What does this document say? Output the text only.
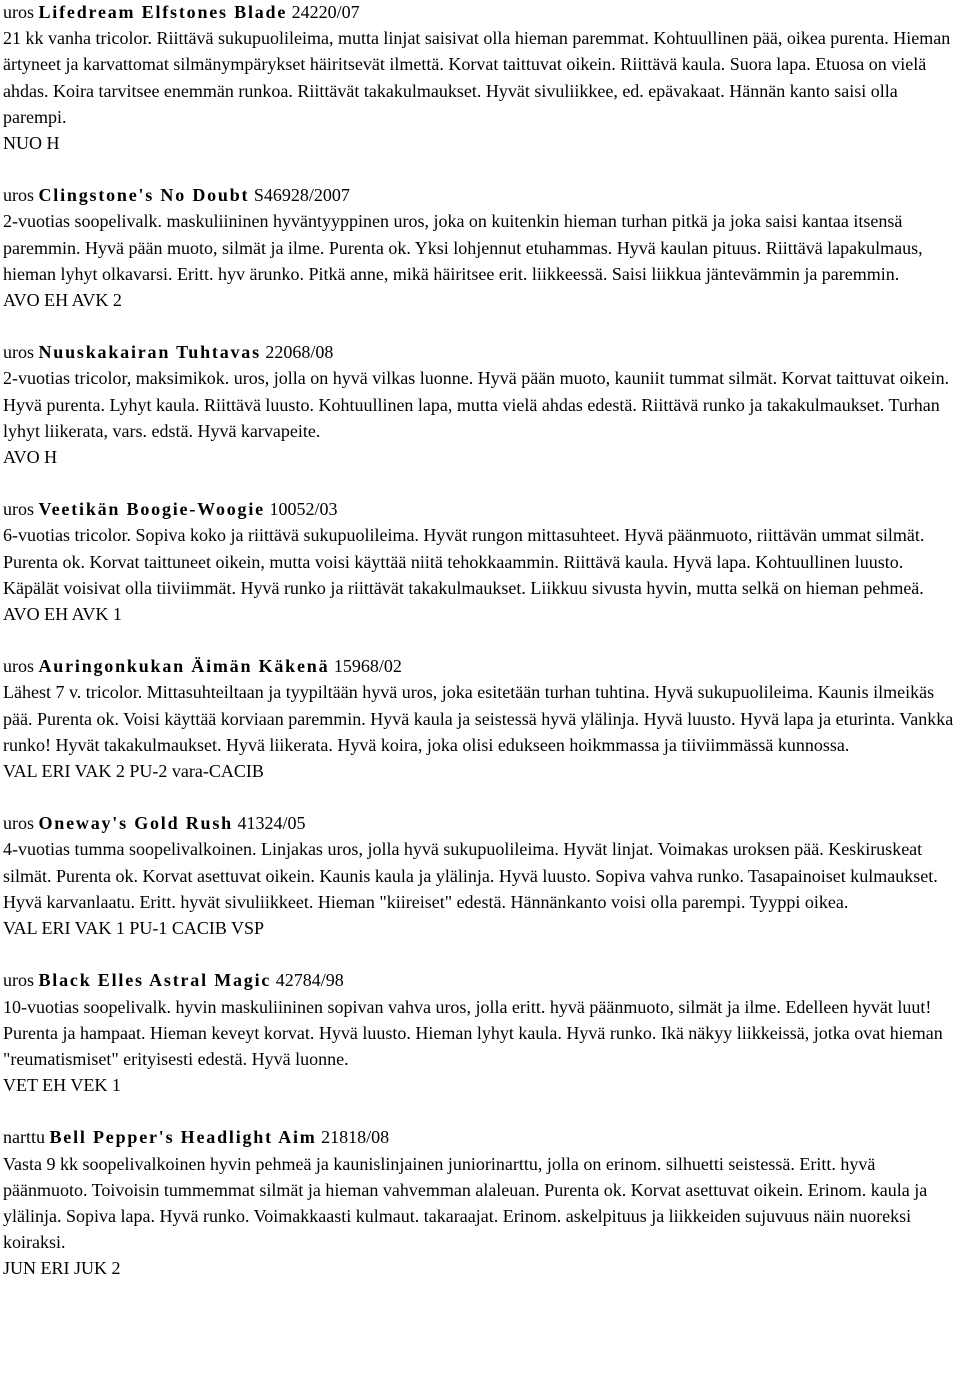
uros Lifedream Elfstones Blade 24220/07

21 kk vanha tricolor. Riittävä sukupuolileima, mutta linjat saisivat olla hieman paremmat. Kohtuullinen pää, oikea purenta. Hieman ärtyneet ja karvattomat silmänympärykset häiritsevät ilmettä. Korvat taittuvat oikein. Riittävä kaula. Suora lapa. Etuosa on vielä ahdas. Koira tarvitsee enemmän runkoa. Riittävät takakulmaukset. Hyvät sivuliikkee, ed. epävakaat. Hännän kanto saisi olla parempi.

NUO H

uros Clingstone's No Doubt S46928/2007

2-vuotias soopelivalk. maskuliininen hyväntyyppinen uros, joka on kuitenkin hieman turhan pitkä ja joka saisi kantaa itsensä paremmin. Hyvä pään muoto, silmät ja ilme. Purenta ok. Yksi lohjennut etuhammas. Hyvä kaulan pituus. Riittävä lapakulmaus, hieman lyhyt olkavarsi. Eritt. hyv ärunko. Pitkä anne, mikä häiritsee erit. liikkeessä. Saisi liikkua jäntevämmin ja paremmin.

AVO EH AVK 2

uros Nuuskakairan Tuhtavas 22068/08

2-vuotias tricolor, maksimikok. uros, jolla on hyvä vilkas luonne. Hyvä pään muoto, kauniit tummat silmät. Korvat taittuvat oikein. Hyvä purenta. Lyhyt kaula. Riittävä luusto. Kohtuullinen lapa, mutta vielä ahdas edestä. Riittävä runko ja takakulmaukset. Turhan lyhyt liikerata, vars. edstä. Hyvä karvapeite.

AVO H

uros Veetikän Boogie-Woogie 10052/03

6-vuotias tricolor. Sopiva koko ja riittävä sukupuolileima. Hyvät rungon mittasuhteet. Hyvä päänmuoto, riittävän ummat silmät. Purenta ok. Korvat taittuneet oikein, mutta voisi käyttää niitä tehokkaammin. Riittävä kaula. Hyvä lapa. Kohtuullinen luusto. Käpälät voisivat olla tiiviimmät. Hyvä runko ja riittävät takakulmaukset. Liikkuu sivusta hyvin, mutta selkä on hieman pehmeä.

AVO EH AVK 1

uros Auringonkukan Äimän Käkenä 15968/02

Lähest 7 v. tricolor. Mittasuhteiltaan ja tyypiltään hyvä uros, joka esitetään turhan tuhtina. Hyvä sukupuolileima. Kaunis ilmeikäs pää. Purenta ok. Voisi käyttää korviaan paremmin. Hyvä kaula ja seistessä hyvä ylälinja. Hyvä luusto. Hyvä lapa ja eturinta. Vankka runko! Hyvät takakulmaukset. Hyvä liikerata. Hyvä koira, joka olisi edukseen hoikmmassa ja tiiviimmässä kunnossa.

VAL ERI VAK 2 PU-2 vara-CACIB

uros Oneway's Gold Rush 41324/05

4-vuotias tumma soopelivalkoinen. Linjakas uros, jolla hyvä sukupuolileima. Hyvät linjat. Voimakas uroksen pää. Keskiruskeat silmät. Purenta ok. Korvat asettuvat oikein. Kaunis kaula ja ylälinja. Hyvä luusto. Sopiva vahva runko. Tasapainoiset kulmaukset. Hyvä karvanlaatu. Eritt. hyvät sivuliikkeet. Hieman "kiireiset" edestä. Hännänkanto voisi olla parempi. Tyyppi oikea.

VAL ERI VAK 1 PU-1 CACIB VSP

uros Black Elles Astral Magic 42784/98

10-vuotias soopelivalk. hyvin maskuliininen sopivan vahva uros, jolla eritt. hyvä päänmuoto, silmät ja ilme. Edelleen hyvät luut! Purenta ja hampaat. Hieman keveyt korvat. Hyvä luusto. Hieman lyhyt kaula. Hyvä runko. Ikä näkyy liikkeissä, jotka ovat hieman "reumatismiset" erityisesti edestä. Hyvä luonne.

VET EH VEK 1

narttu Bell Pepper's Headlight Aim 21818/08

Vasta 9 kk soopelivalkoinen hyvin pehmeä ja kaunislinjainen juniorinarttu, jolla on erinom. silhuetti seistessä. Eritt. hyvä päänmuoto. Toivoisin tummemmat silmät ja hieman vahvemman alaleuan. Purenta ok. Korvat asettuvat oikein. Erinom. kaula ja ylälinja. Sopiva lapa. Hyvä runko. Voimakkaasti kulmaut. takaraajat. Erinom. askelpituus ja liikkeiden sujuvuus näin nuoreksi koiraksi.

JUN ERI JUK 2
